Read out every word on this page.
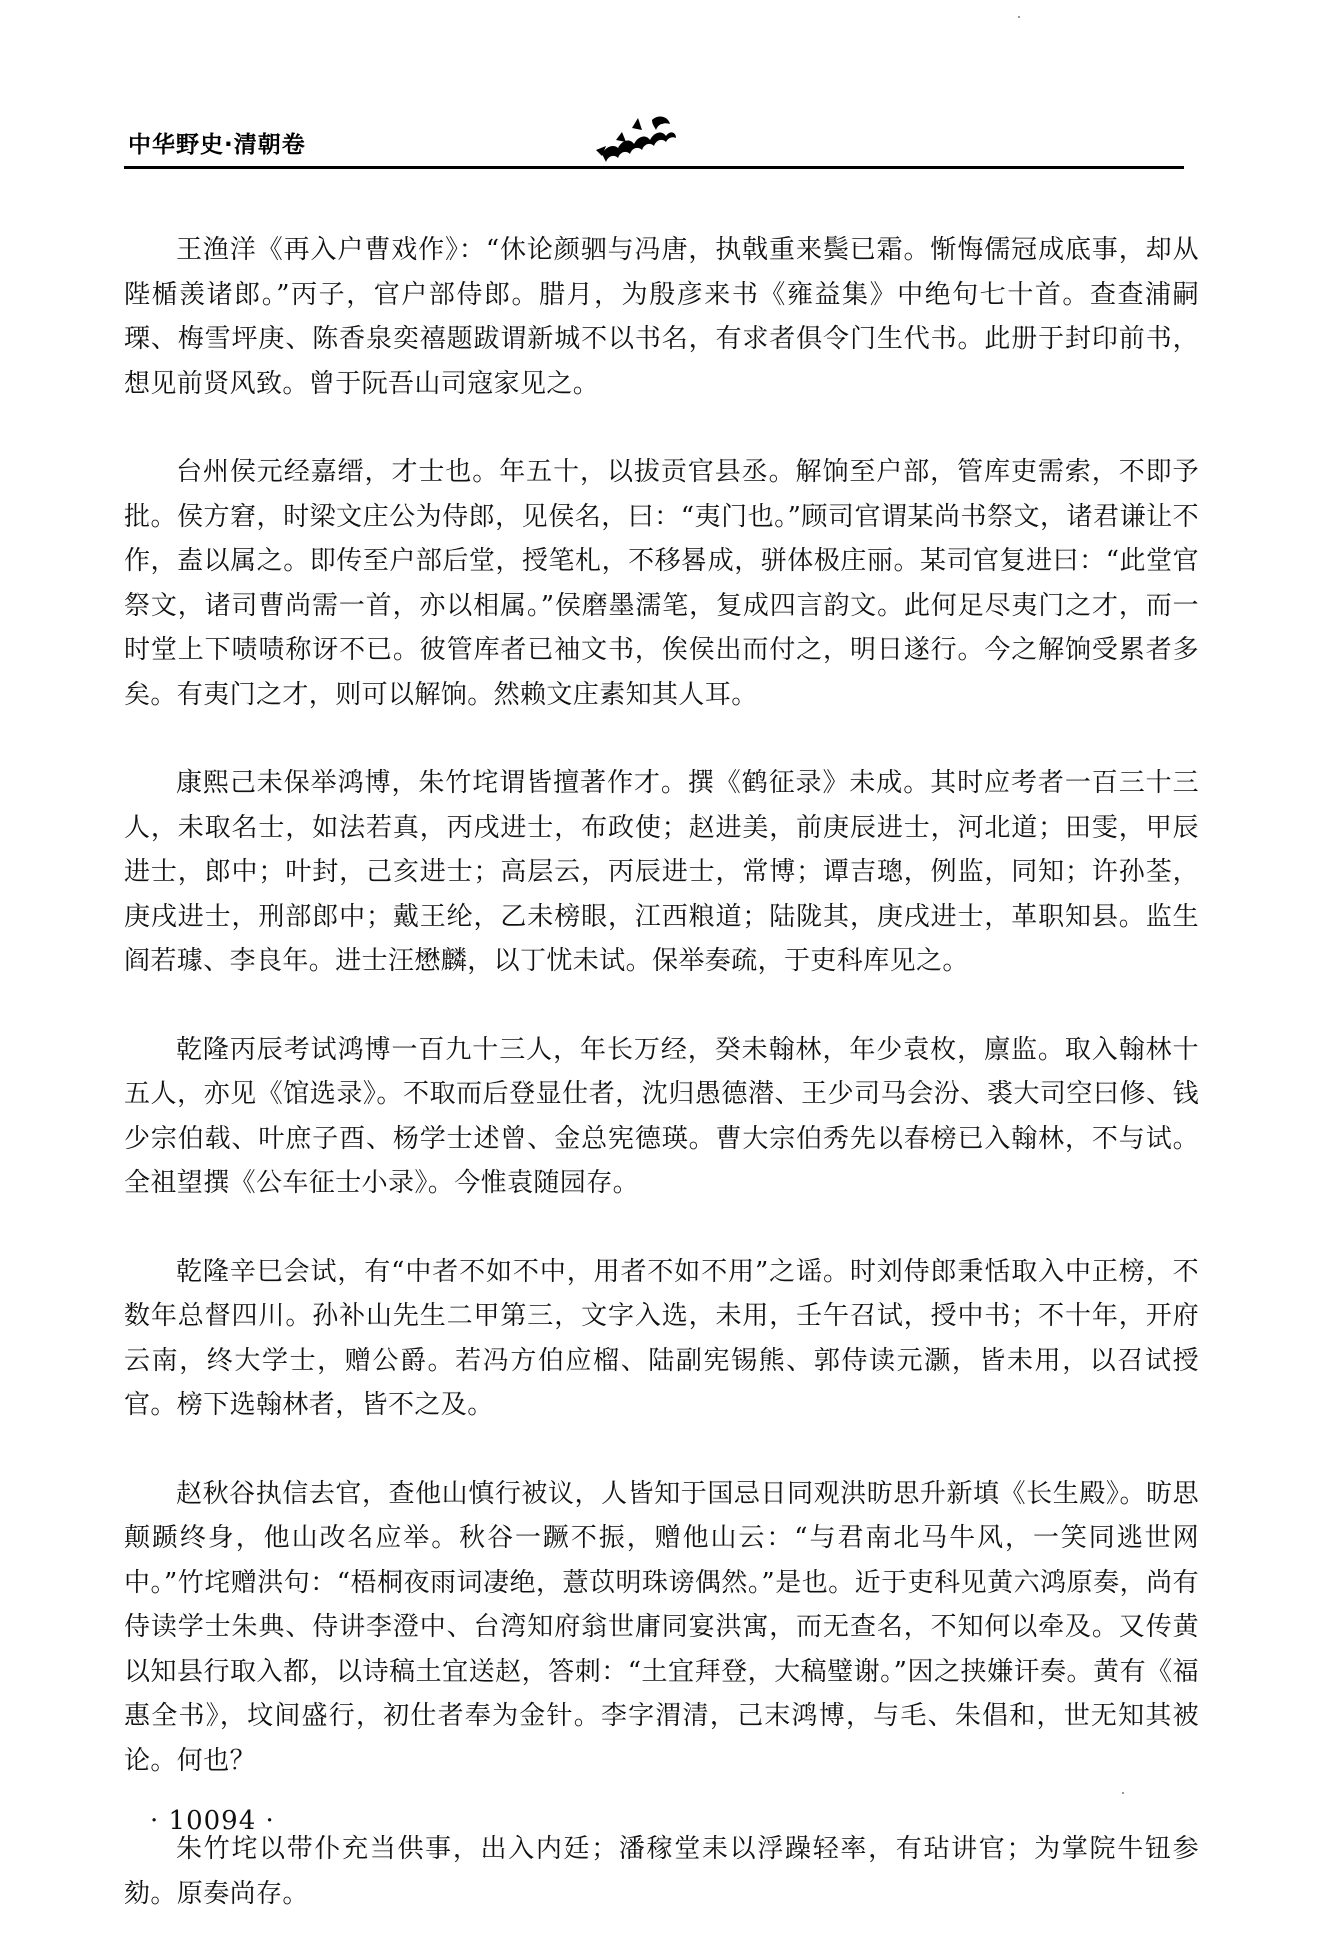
中华野史·清朝卷

王渔洋《再入户曹戏作》：“休论颜驷与冯唐，执戟重来鬓已霜。惭悔儒冠成底事，却从陛楯羡诸郎。”丙子，官户部侍郎。腊月，为殷彦来书《雍益集》中绝句七十首。查查浦嗣瑮、梅雪坪庚、陈香泉奕禧题跋谓新城不以书名，有求者俱令门生代书。此册于封印前书，想见前贤风致。曾于阮吾山司寇家见之。

台州侯元经嘉缙，才士也。年五十，以拔贡官县丞。解饷至户部，管库吏需索，不即予批。侯方窘，时梁文庄公为侍郎，见侯名，曰：“夷门也。”顾司官谓某尚书祭文，诸君谦让不作，盍以属之。即传至户部后堂，授笔札，不移晷成，骈体极庄丽。某司官复进曰：“此堂官祭文，诸司曹尚需一首，亦以相属。”侯磨墨濡笔，复成四言韵文。此何足尽夷门之才，而一时堂上下啧啧称讶不已。彼管库者已袖文书，俟侯出而付之，明日遂行。今之解饷受累者多矣。有夷门之才，则可以解饷。然赖文庄素知其人耳。

康熙己未保举鸿博，朱竹垞谓皆擅著作才。撰《鹤征录》未成。其时应考者一百三十三人，未取名士，如法若真，丙戌进士，布政使；赵进美，前庚辰进士，河北道；田雯，甲辰进士，郎中；叶封，己亥进士；高层云，丙辰进士，常博；谭吉璁，例监，同知；许孙荃，庚戌进士，刑部郎中；戴王纶，乙未榜眼，江西粮道；陆陇其，庚戌进士，革职知县。监生阎若璩、李良年。进士汪懋麟，以丁忧未试。保举奏疏，于吏科库见之。

乾隆丙辰考试鸿博一百九十三人，年长万经，癸未翰林，年少袁枚，廪监。取入翰林十五人，亦见《馆选录》。不取而后登显仕者，沈归愚德潜、王少司马会汾、裘大司空曰修、钱少宗伯载、叶庶子酉、杨学士述曾、金总宪德瑛。曹大宗伯秀先以春榜已入翰林，不与试。全祖望撰《公车征士小录》。今惟袁随园存。

乾隆辛巳会试，有“中者不如不中，用者不如不用”之谣。时刘侍郎秉恬取入中正榜，不数年总督四川。孙补山先生二甲第三，文字入选，未用，壬午召试，授中书；不十年，开府云南，终大学士，赠公爵。若冯方伯应榴、陆副宪锡熊、郭侍读元灏，皆未用，以召试授官。榜下选翰林者，皆不之及。

赵秋谷执信去官，查他山慎行被议，人皆知于国忌日同观洪昉思升新填《长生殿》。昉思颠踬终身，他山改名应举。秋谷一蹶不振，赠他山云：“与君南北马牛风，一笑同逃世网中。”竹垞赠洪句：“梧桐夜雨词凄绝，薏苡明珠谤偶然。”是也。近于吏科见黄六鸿原奏，尚有侍读学士朱典、侍讲李澄中、台湾知府翁世庸同宴洪寓，而无查名，不知何以牵及。又传黄以知县行取入都，以诗稿土宜送赵，答刺：“土宜拜登，大稿璧谢。”因之挟嫌讦奏。黄有《福惠全书》，坟间盛行，初仕者奉为金针。李字渭清，己末鸿博，与毛、朱倡和，世无知其被论。何也？

朱竹垞以带仆充当供事，出入内廷；潘稼堂耒以浮躁轻率，有玷讲官；为掌院牛钮参劾。原奏尚存。

· 10094 ·
